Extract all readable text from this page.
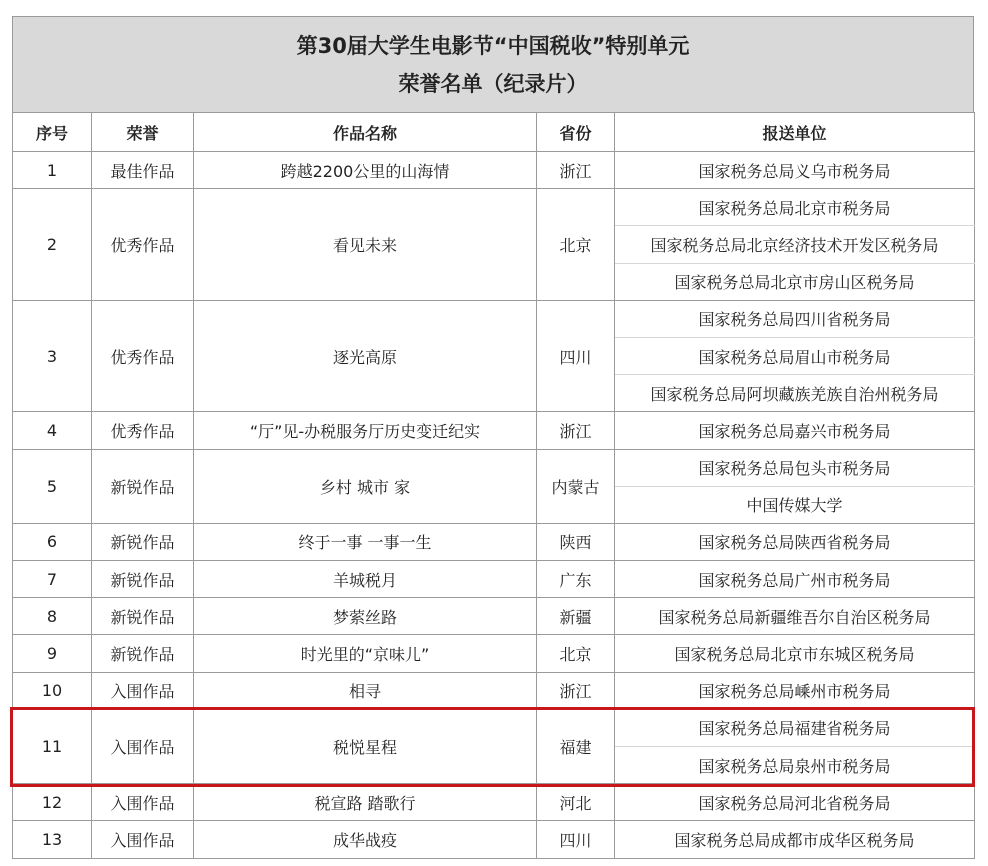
第30届大学生电影节“中国税收”特别单元
荣誉名单（纪录片）
序号	荣誉	作品名称	省份	报送单位
1	最佳作品	跨越2200公里的山海情	浙江	国家税务总局义乌市税务局
2	优秀作品	看见未来	北京	国家税务总局北京市税务局
				国家税务总局北京经济技术开发区税务局
				国家税务总局北京市房山区税务局
3	优秀作品	逐光高原	四川	国家税务总局四川省税务局
				国家税务总局眉山市税务局
				国家税务总局阿坝藏族羌族自治州税务局
4	优秀作品	“厅”见-办税服务厅历史变迁纪实	浙江	国家税务总局嘉兴市税务局
5	新锐作品	乡村 城市 家	内蒙古	国家税务总局包头市税务局
				中国传媒大学
6	新锐作品	终于一事 一事一生	陕西	国家税务总局陕西省税务局
7	新锐作品	羊城税月	广东	国家税务总局广州市税务局
8	新锐作品	梦萦丝路	新疆	国家税务总局新疆维吾尔自治区税务局
9	新锐作品	时光里的“京味儿”	北京	国家税务总局北京市东城区税务局
10	入围作品	相寻	浙江	国家税务总局嵊州市税务局
11	入围作品	税悦星程	福建	国家税务总局福建省税务局
				国家税务总局泉州市税务局
12	入围作品	税宣路 踏歌行	河北	国家税务总局河北省税务局
13	入围作品	成华战疫	四川	国家税务总局成都市成华区税务局
